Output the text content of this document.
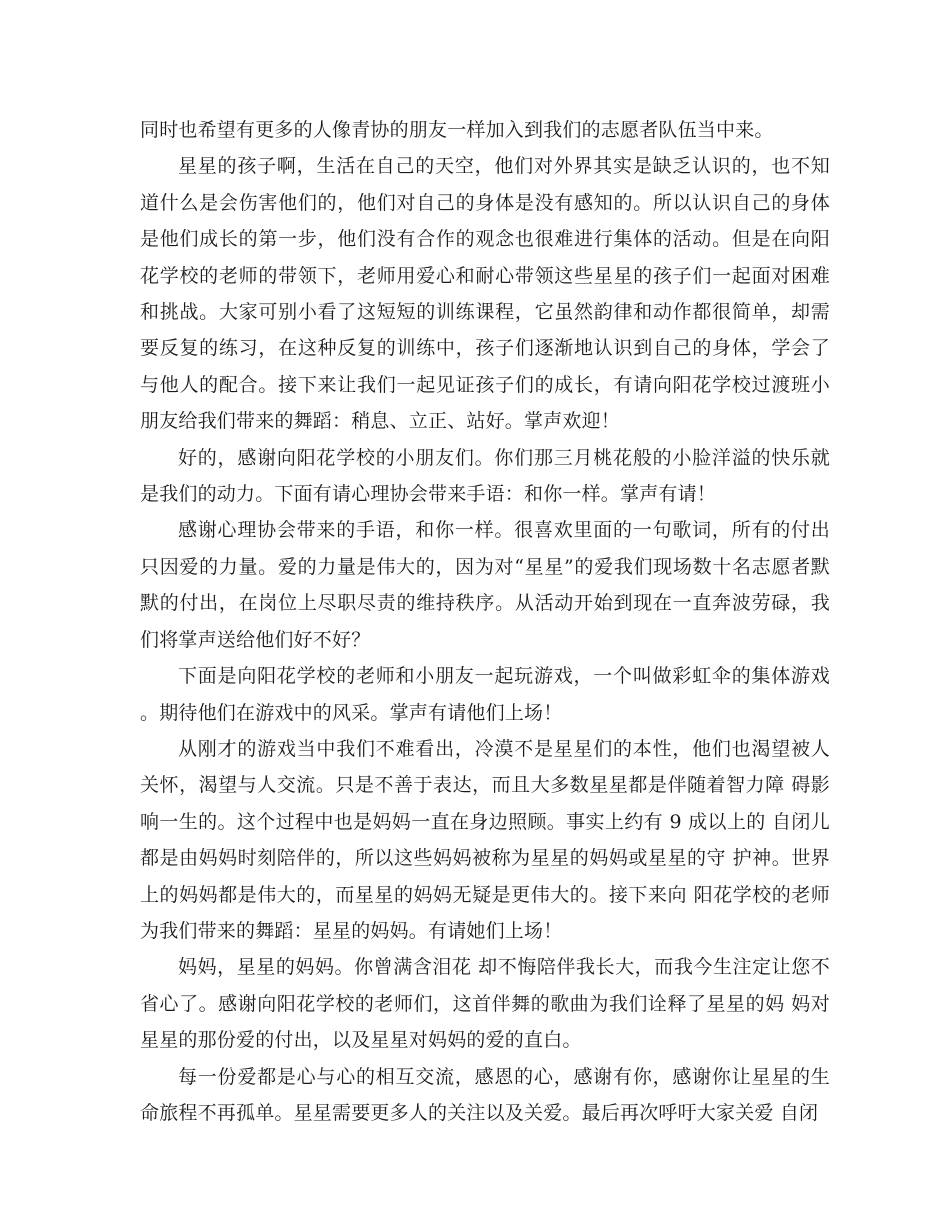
同时也希望有更多的人像青协的朋友一样加入到我们的志愿者队伍当中来。

星星的孩子啊，生活在自己的天空，他们对外界其实是缺乏认识的，也不知道什么是会伤害他们的，他们对自己的身体是没有感知的。所以认识自己的身体是他们成长的第一步，他们没有合作的观念也很难进行集体的活动。但是在向阳花学校的老师的带领下，老师用爱心和耐心带领这些星星的孩子们一起面对困难和挑战。大家可别小看了这短短的训练课程，它虽然韵律和动作都很简单，却需要反复的练习，在这种反复的训练中，孩子们逐渐地认识到自己的身体，学会了与他人的配合。接下来让我们一起见证孩子们的成长，有请向阳花学校过渡班小朋友给我们带来的舞蹈：稍息、立正、站好。掌声欢迎！

好的，感谢向阳花学校的小朋友们。你们那三月桃花般的小脸洋溢的快乐就是我们的动力。下面有请心理协会带来手语：和你一样。掌声有请！

感谢心理协会带来的手语，和你一样。很喜欢里面的一句歌词，所有的付出只因爱的力量。爱的力量是伟大的，因为对“星星”的爱我们现场数十名志愿者默默的付出，在岗位上尽职尽责的维持秩序。从活动开始到现在一直奔波劳碌，我们将掌声送给他们好不好？

下面是向阳花学校的老师和小朋友一起玩游戏，一个叫做彩虹伞的集体游戏 。期待他们在游戏中的风采。掌声有请他们上场！

从刚才的游戏当中我们不难看出，冷漠不是星星们的本性，他们也渴望被人关怀，渴望与人交流。只是不善于表达，而且大多数星星都是伴随着智力障 碍影响一生的。这个过程中也是妈妈一直在身边照顾。事实上约有 9 成以上的 自闭儿都是由妈妈时刻陪伴的，所以这些妈妈被称为星星的妈妈或星星的守 护神。世界上的妈妈都是伟大的，而星星的妈妈无疑是更伟大的。接下来向 阳花学校的老师为我们带来的舞蹈：星星的妈妈。有请她们上场！

妈妈，星星的妈妈。你曾满含泪花 却不悔陪伴我长大，而我今生注定让您不省心了。感谢向阳花学校的老师们，这首伴舞的歌曲为我们诠释了星星的妈 妈对星星的那份爱的付出，以及星星对妈妈的爱的直白。

每一份爱都是心与心的相互交流，感恩的心，感谢有你，感谢你让星星的生命旅程不再孤单。星星需要更多人的关注以及关爱。最后再次呼吁大家关爱 自闭
